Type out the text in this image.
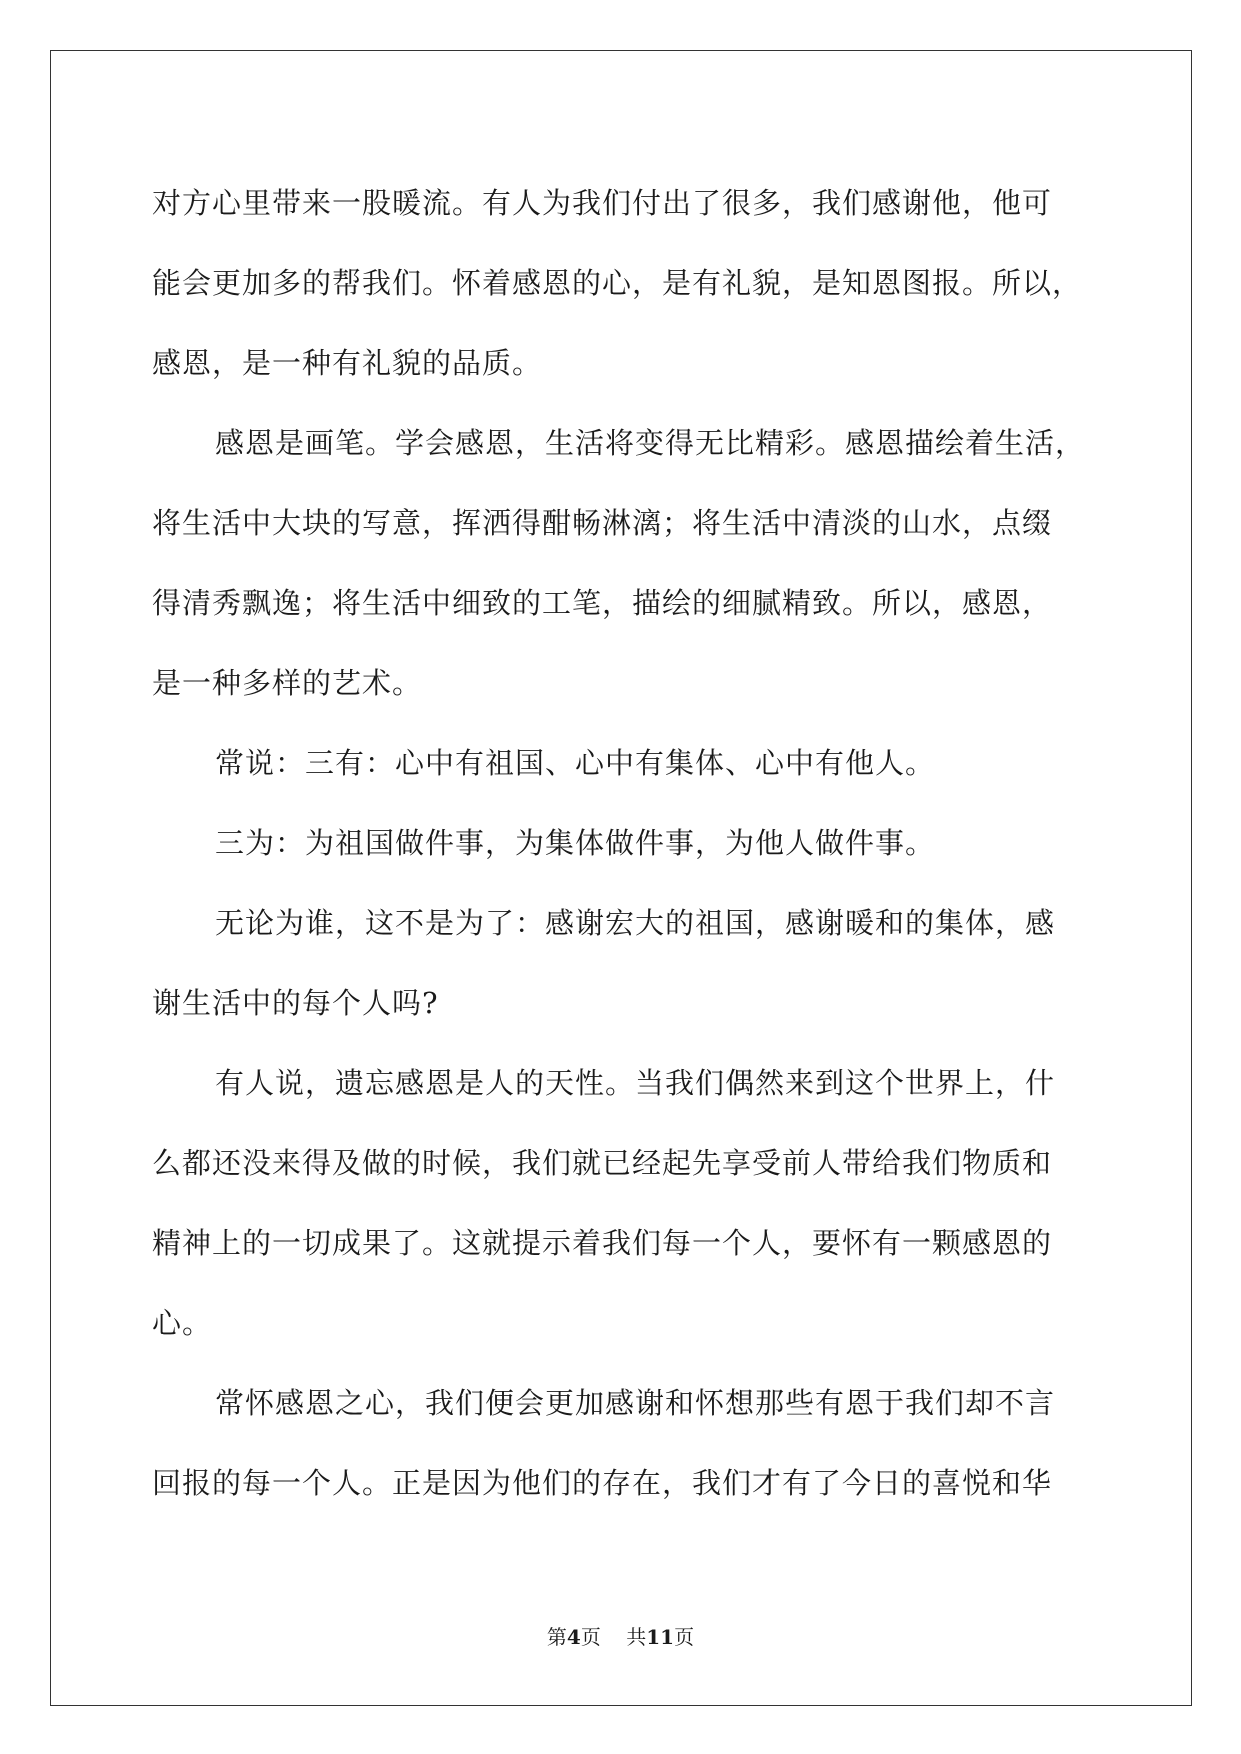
对方心里带来一股暖流。有人为我们付出了很多，我们感谢他，他可
能会更加多的帮我们。怀着感恩的心，是有礼貌，是知恩图报。所以，
感恩，是一种有礼貌的品质。
感恩是画笔。学会感恩，生活将变得无比精彩。感恩描绘着生活，
将生活中大块的写意，挥洒得酣畅淋漓；将生活中清淡的山水，点缀
得清秀飘逸；将生活中细致的工笔，描绘的细腻精致。所以，感恩，
是一种多样的艺术。
常说：三有：心中有祖国、心中有集体、心中有他人。
三为：为祖国做件事，为集体做件事，为他人做件事。
无论为谁，这不是为了：感谢宏大的祖国，感谢暖和的集体，感
谢生活中的每个人吗?
有人说，遗忘感恩是人的天性。当我们偶然来到这个世界上，什
么都还没来得及做的时候，我们就已经起先享受前人带给我们物质和
精神上的一切成果了。这就提示着我们每一个人，要怀有一颗感恩的
心。
常怀感恩之心，我们便会更加感谢和怀想那些有恩于我们却不言
回报的每一个人。正是因为他们的存在，我们才有了今日的喜悦和华
第4页 共11页
